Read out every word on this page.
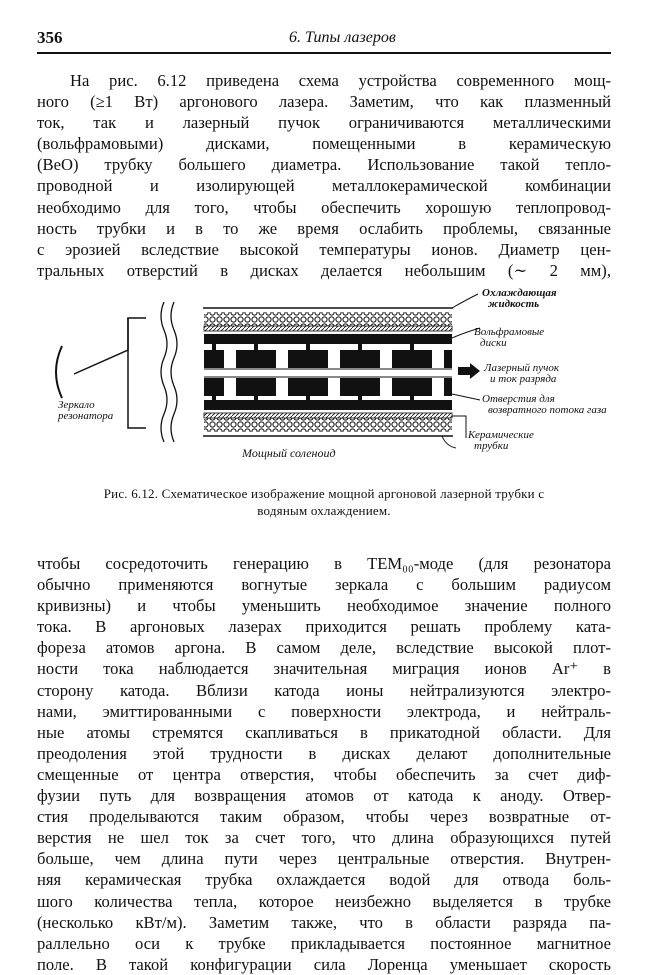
356	6. Типы лазеров
На рис. 6.12 приведена схема устройства современного мощ-
ного (≥1 Вт) аргонового лазера. Заметим, что как плазменный
ток, так и лазерный пучок ограничиваются металлическими
(вольфрамовыми) дисками, помещенными в керамическую
(ВеО) трубку большего диаметра. Использование такой тепло-
проводной и изолирующей металлокерамической комбинации
необходимо для того, чтобы обеспечить хорошую теплопровод-
ность трубки и в то же время ослабить проблемы, связанные
с эрозией вследствие высокой температуры ионов. Диаметр цен-
тральных отверстий в дисках делается небольшим (∼ 2 мм),
Охлаждающая
жидкость
Вольфрамовые
диски
Лазерный пучок
и ток разряда
Отверстия для
возвратного потока газа
Керамические
трубки
Зеркало резонатора
Мощный соленоид
Рис. 6.12. Схематическое изображение мощной аргоновой лазерной трубки с
водяным охлаждением.
чтобы сосредоточить генерацию в TEM₀₀-моде (для резонатора
обычно применяются вогнутые зеркала с большим радиусом
кривизны) и чтобы уменьшить необходимое значение полного
тока. В аргоновых лазерах приходится решать проблему ката-
фореза атомов аргона. В самом деле, вследствие высокой плот-
ности тока наблюдается значительная миграция ионов Ar⁺ в
сторону катода. Вблизи катода ионы нейтрализуются электро-
нами, эмиттированными с поверхности электрода, и нейтраль-
ные атомы стремятся скапливаться в прикатодной области. Для
преодоления этой трудности в дисках делают дополнительные
смещенные от центра отверстия, чтобы обеспечить за счет диф-
фузии путь для возвращения атомов от катода к аноду. Отвер-
стия проделываются таким образом, чтобы через возвратные от-
верстия не шел ток за счет того, что длина образующихся путей
больше, чем длина пути через центральные отверстия. Внутрен-
няя керамическая трубка охлаждается водой для отвода боль-
шого количества тепла, которое неизбежно выделяется в трубке
(несколько кВт/м). Заметим также, что в области разряда па-
раллельно оси к трубке прикладывается постоянное магнитное
поле. В такой конфигурации сила Лоренца уменьшает скорость
